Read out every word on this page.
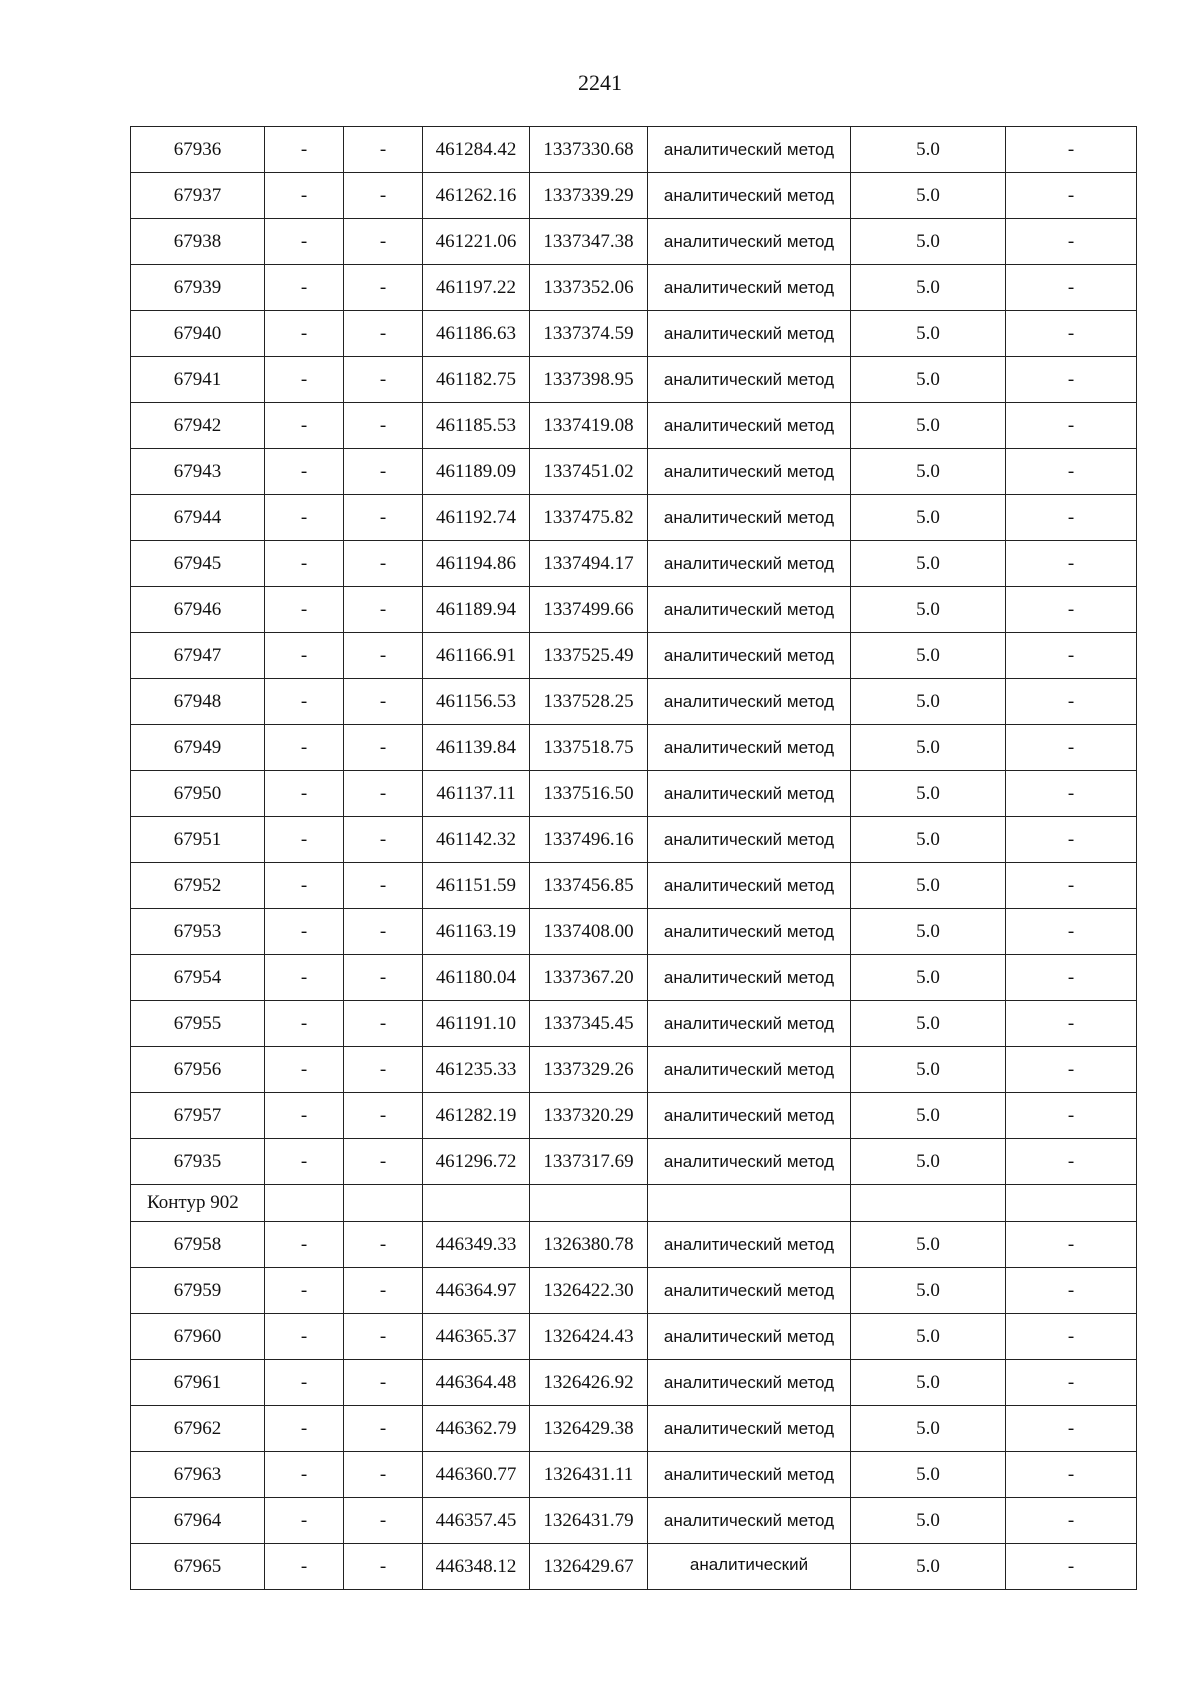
2241
67936	-	-	461284.42	1337330.68	аналитический метод	5.0	-
67937	-	-	461262.16	1337339.29	аналитический метод	5.0	-
67938	-	-	461221.06	1337347.38	аналитический метод	5.0	-
67939	-	-	461197.22	1337352.06	аналитический метод	5.0	-
67940	-	-	461186.63	1337374.59	аналитический метод	5.0	-
67941	-	-	461182.75	1337398.95	аналитический метод	5.0	-
67942	-	-	461185.53	1337419.08	аналитический метод	5.0	-
67943	-	-	461189.09	1337451.02	аналитический метод	5.0	-
67944	-	-	461192.74	1337475.82	аналитический метод	5.0	-
67945	-	-	461194.86	1337494.17	аналитический метод	5.0	-
67946	-	-	461189.94	1337499.66	аналитический метод	5.0	-
67947	-	-	461166.91	1337525.49	аналитический метод	5.0	-
67948	-	-	461156.53	1337528.25	аналитический метод	5.0	-
67949	-	-	461139.84	1337518.75	аналитический метод	5.0	-
67950	-	-	461137.11	1337516.50	аналитический метод	5.0	-
67951	-	-	461142.32	1337496.16	аналитический метод	5.0	-
67952	-	-	461151.59	1337456.85	аналитический метод	5.0	-
67953	-	-	461163.19	1337408.00	аналитический метод	5.0	-
67954	-	-	461180.04	1337367.20	аналитический метод	5.0	-
67955	-	-	461191.10	1337345.45	аналитический метод	5.0	-
67956	-	-	461235.33	1337329.26	аналитический метод	5.0	-
67957	-	-	461282.19	1337320.29	аналитический метод	5.0	-
67935	-	-	461296.72	1337317.69	аналитический метод	5.0	-
Контур 902							
67958	-	-	446349.33	1326380.78	аналитический метод	5.0	-
67959	-	-	446364.97	1326422.30	аналитический метод	5.0	-
67960	-	-	446365.37	1326424.43	аналитический метод	5.0	-
67961	-	-	446364.48	1326426.92	аналитический метод	5.0	-
67962	-	-	446362.79	1326429.38	аналитический метод	5.0	-
67963	-	-	446360.77	1326431.11	аналитический метод	5.0	-
67964	-	-	446357.45	1326431.79	аналитический метод	5.0	-
67965	-	-	446348.12	1326429.67	аналитический	5.0	-
